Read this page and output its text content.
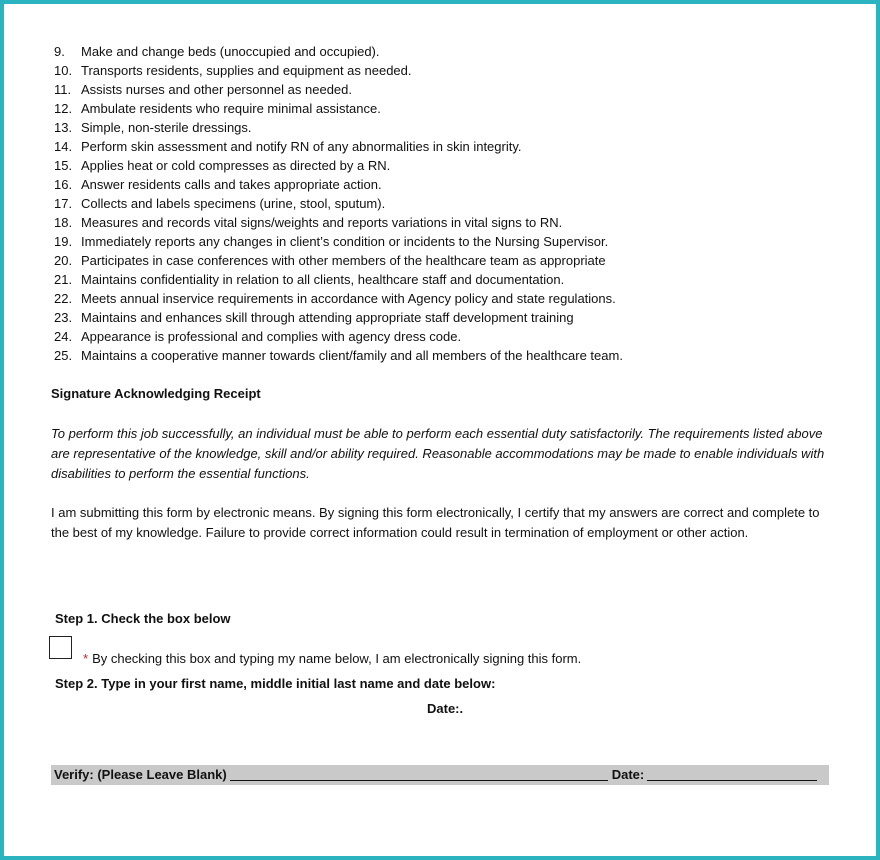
9. Make and change beds (unoccupied and occupied).
10. Transports residents, supplies and equipment as needed.
11. Assists nurses and other personnel as needed.
12. Ambulate residents who require minimal assistance.
13. Simple, non-sterile dressings.
14. Perform skin assessment and notify RN of any abnormalities in skin integrity.
15. Applies heat or cold compresses as directed by a RN.
16. Answer residents calls and takes appropriate action.
17. Collects and labels specimens (urine, stool, sputum).
18. Measures and records vital signs/weights and reports variations in vital signs to RN.
19. Immediately reports any changes in client’s condition or incidents to the Nursing Supervisor.
20. Participates in case conferences with other members of the healthcare team as appropriate
21. Maintains confidentiality in relation to all clients, healthcare staff and documentation.
22. Meets annual inservice requirements in accordance with Agency policy and state regulations.
23. Maintains and enhances skill through attending appropriate staff development training
24. Appearance is professional and complies with agency dress code.
25. Maintains a cooperative manner towards client/family and all members of the healthcare team.
Signature Acknowledging Receipt

To perform this job successfully, an individual must be able to perform each essential duty satisfactorily. The requirements listed above are representative of the knowledge, skill and/or ability required. Reasonable accommodations may be made to enable individuals with disabilities to perform the essential functions.

I am submitting this form by electronic means. By signing this form electronically, I certify that my answers are correct and complete to the best of my knowledge. Failure to provide correct information could result in termination of employment or other action.

Step 1. Check the box below
* By checking this box and typing my name below, I am electronically signing this form.
Step 2. Type in your first name, middle initial last name and date below:
Date:.
Verify: (Please Leave Blank)	Date:
